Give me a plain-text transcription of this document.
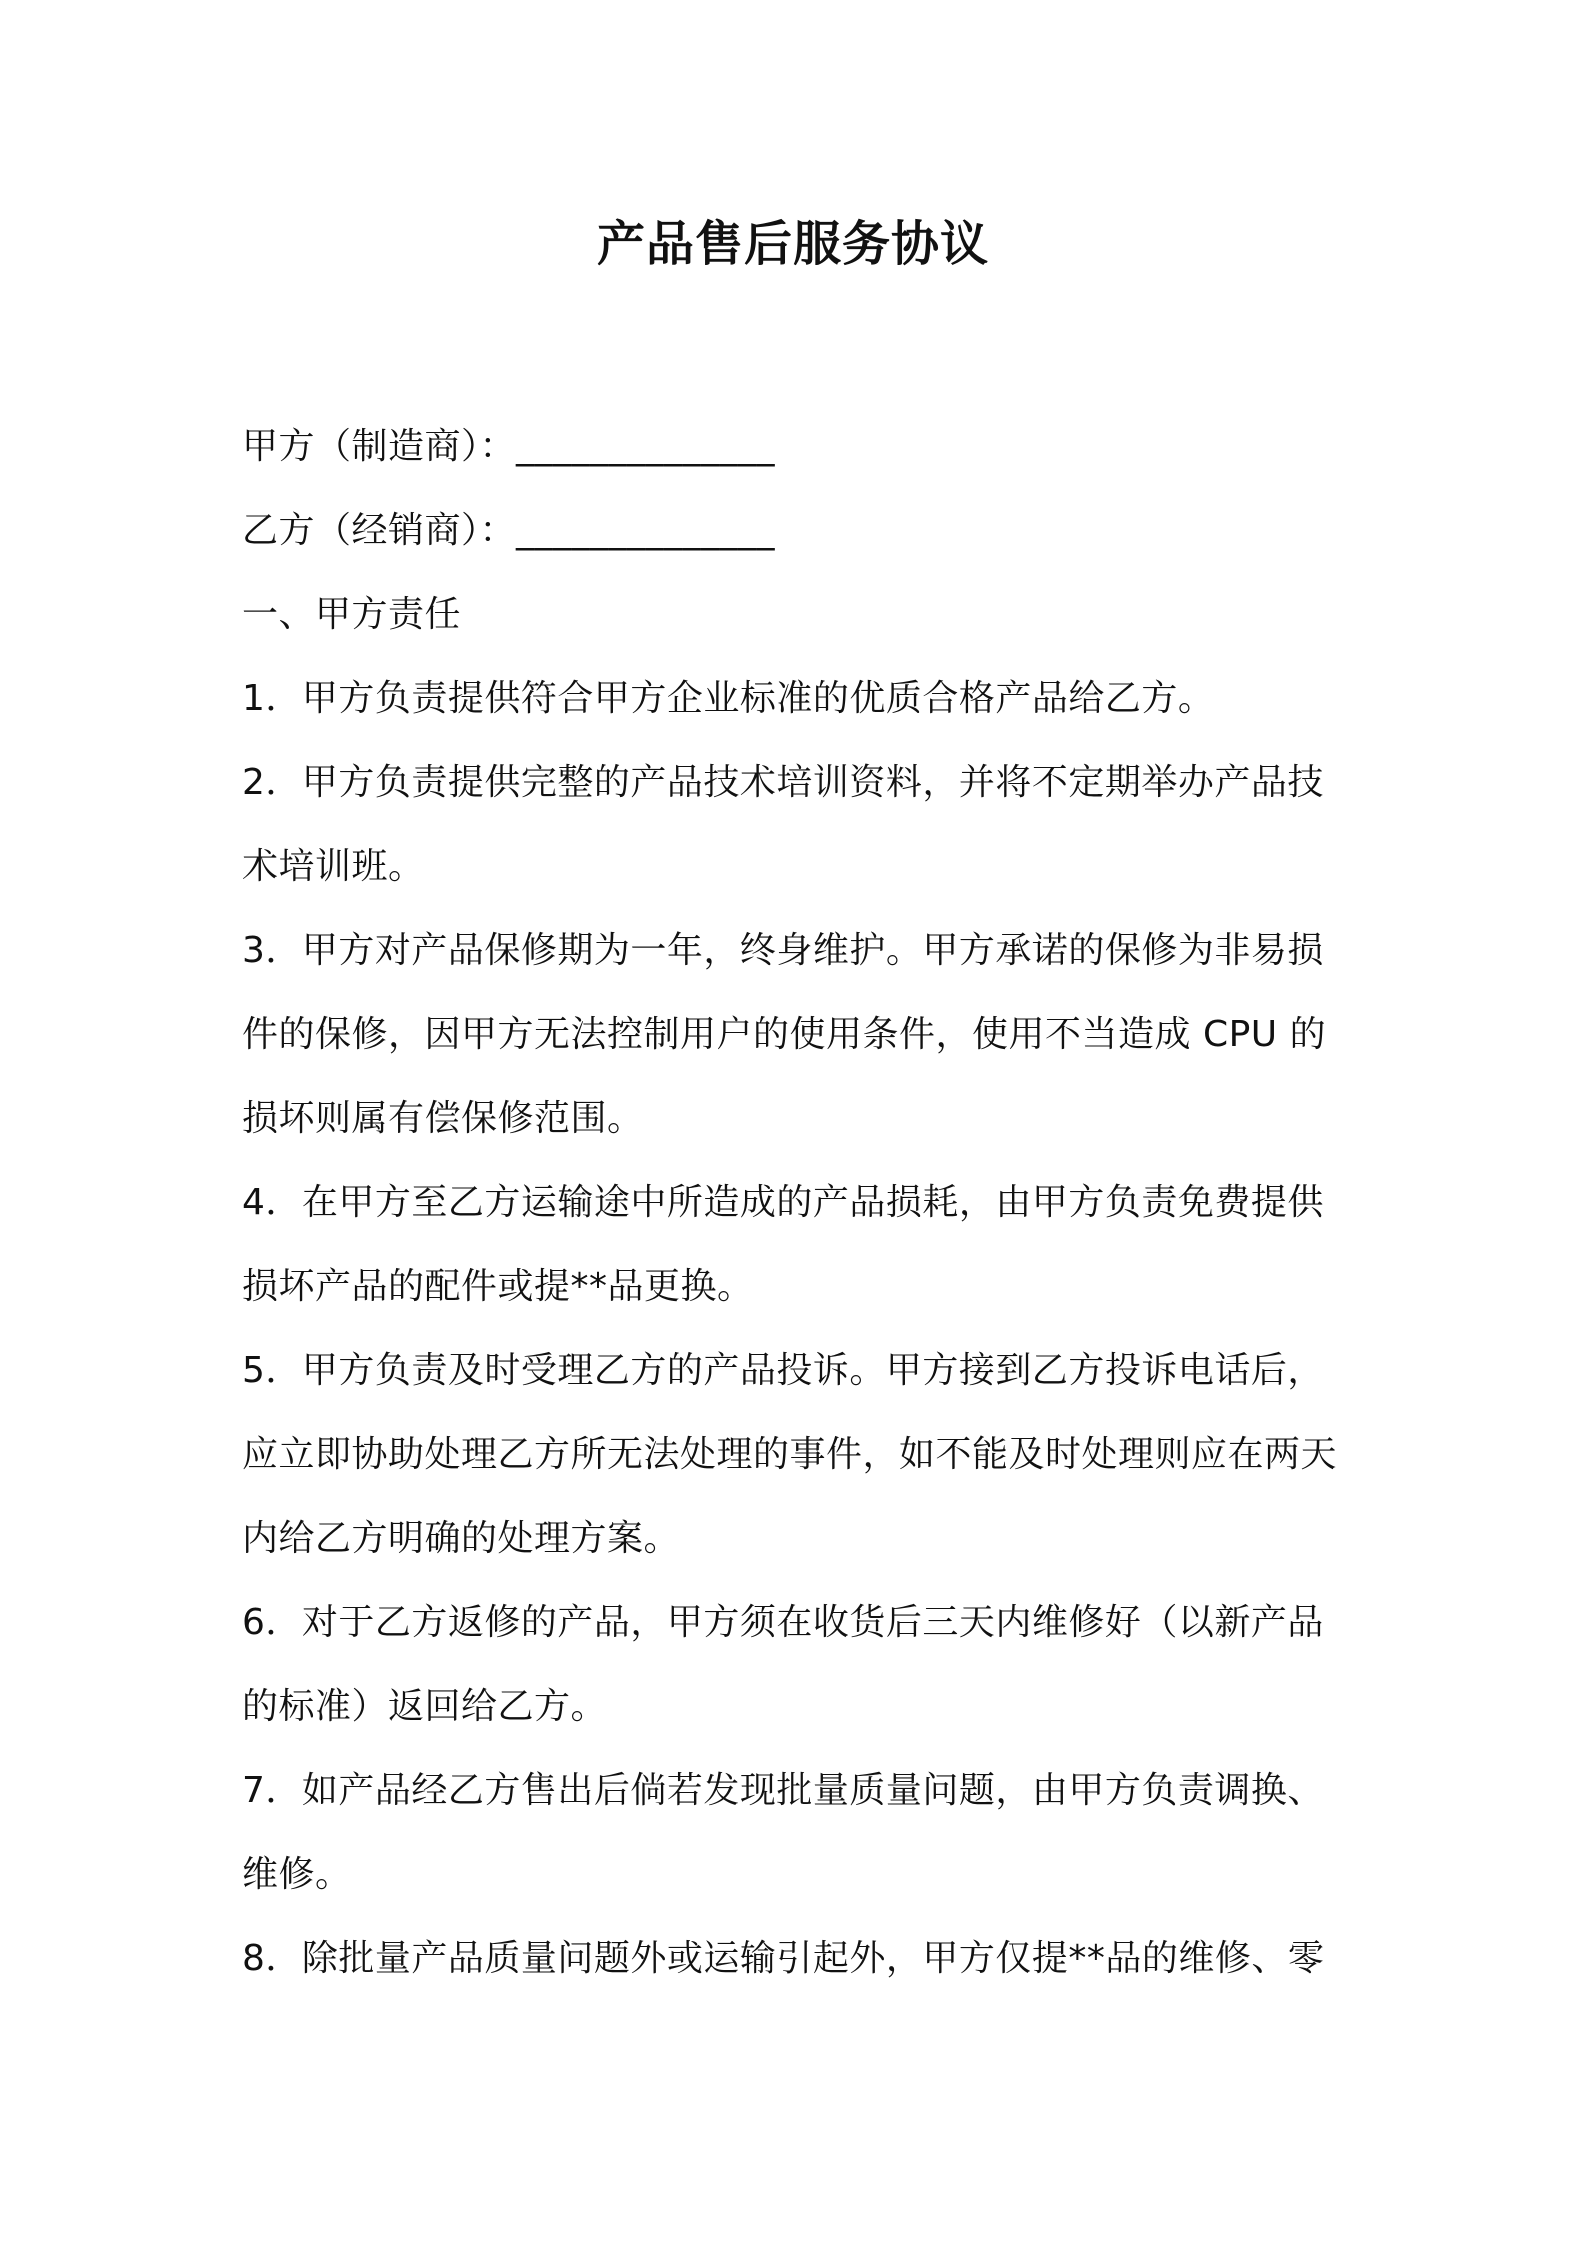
产品售后服务协议
甲方（制造商）：______________
乙方（经销商）：______________
一、甲方责任
1．甲方负责提供符合甲方企业标准的优质合格产品给乙方。
2．甲方负责提供完整的产品技术培训资料，并将不定期举办产品技
术培训班。
3．甲方对产品保修期为一年，终身维护。甲方承诺的保修为非易损
件的保修，因甲方无法控制用户的使用条件，使用不当造成 CPU 的
损坏则属有偿保修范围。
4．在甲方至乙方运输途中所造成的产品损耗，由甲方负责免费提供
损坏产品的配件或提**品更换。
5．甲方负责及时受理乙方的产品投诉。甲方接到乙方投诉电话后，
应立即协助处理乙方所无法处理的事件，如不能及时处理则应在两天
内给乙方明确的处理方案。
6．对于乙方返修的产品，甲方须在收货后三天内维修好（以新产品
的标准）返回给乙方。
7．如产品经乙方售出后倘若发现批量质量问题，由甲方负责调换、
维修。
8．除批量产品质量问题外或运输引起外，甲方仅提**品的维修、零
